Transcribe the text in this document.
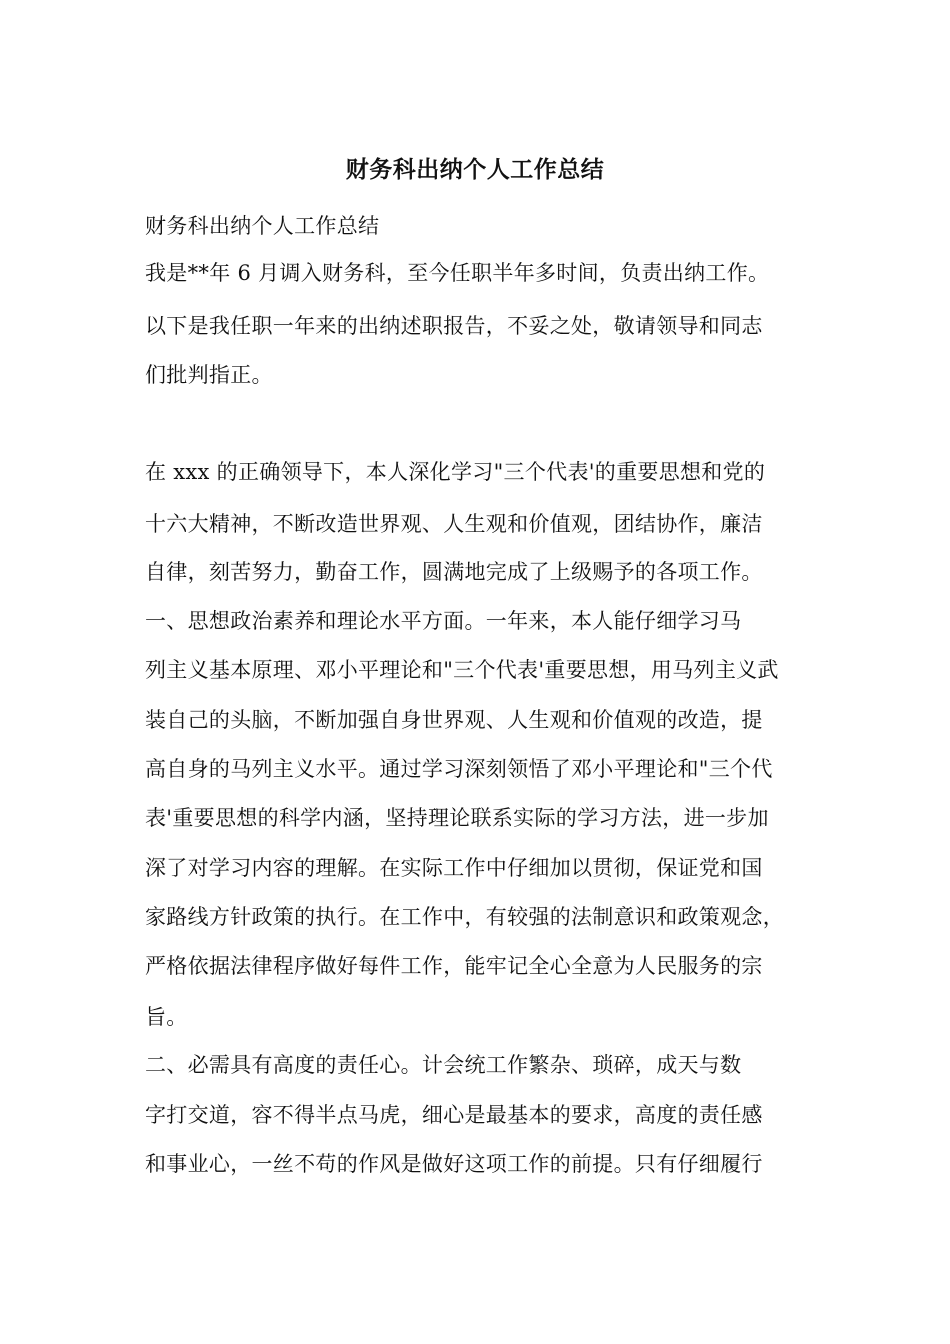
财务科出纳个人工作总结
财务科出纳个人工作总结
我是**年 6 月调入财务科，至今任职半年多时间，负责出纳工作。
以下是我任职一年来的出纳述职报告，不妥之处，敬请领导和同志
们批判指正。
在 xxx 的正确领导下，本人深化学习"三个代表'的重要思想和党的
十六大精神，不断改造世界观、人生观和价值观，团结协作，廉洁
自律，刻苦努力，勤奋工作，圆满地完成了上级赐予的各项工作。
一、思想政治素养和理论水平方面。一年来，本人能仔细学习马
列主义基本原理、邓小平理论和"三个代表'重要思想，用马列主义武
装自己的头脑，不断加强自身世界观、人生观和价值观的改造，提
高自身的马列主义水平。通过学习深刻领悟了邓小平理论和"三个代
表'重要思想的科学内涵，坚持理论联系实际的学习方法，进一步加
深了对学习内容的理解。在实际工作中仔细加以贯彻，保证党和国
家路线方针政策的执行。在工作中，有较强的法制意识和政策观念，
严格依据法律程序做好每件工作，能牢记全心全意为人民服务的宗
旨。
二、必需具有高度的责任心。计会统工作繁杂、琐碎，成天与数
字打交道，容不得半点马虎，细心是最基本的要求，高度的责任感
和事业心，一丝不苟的作风是做好这项工作的前提。只有仔细履行
